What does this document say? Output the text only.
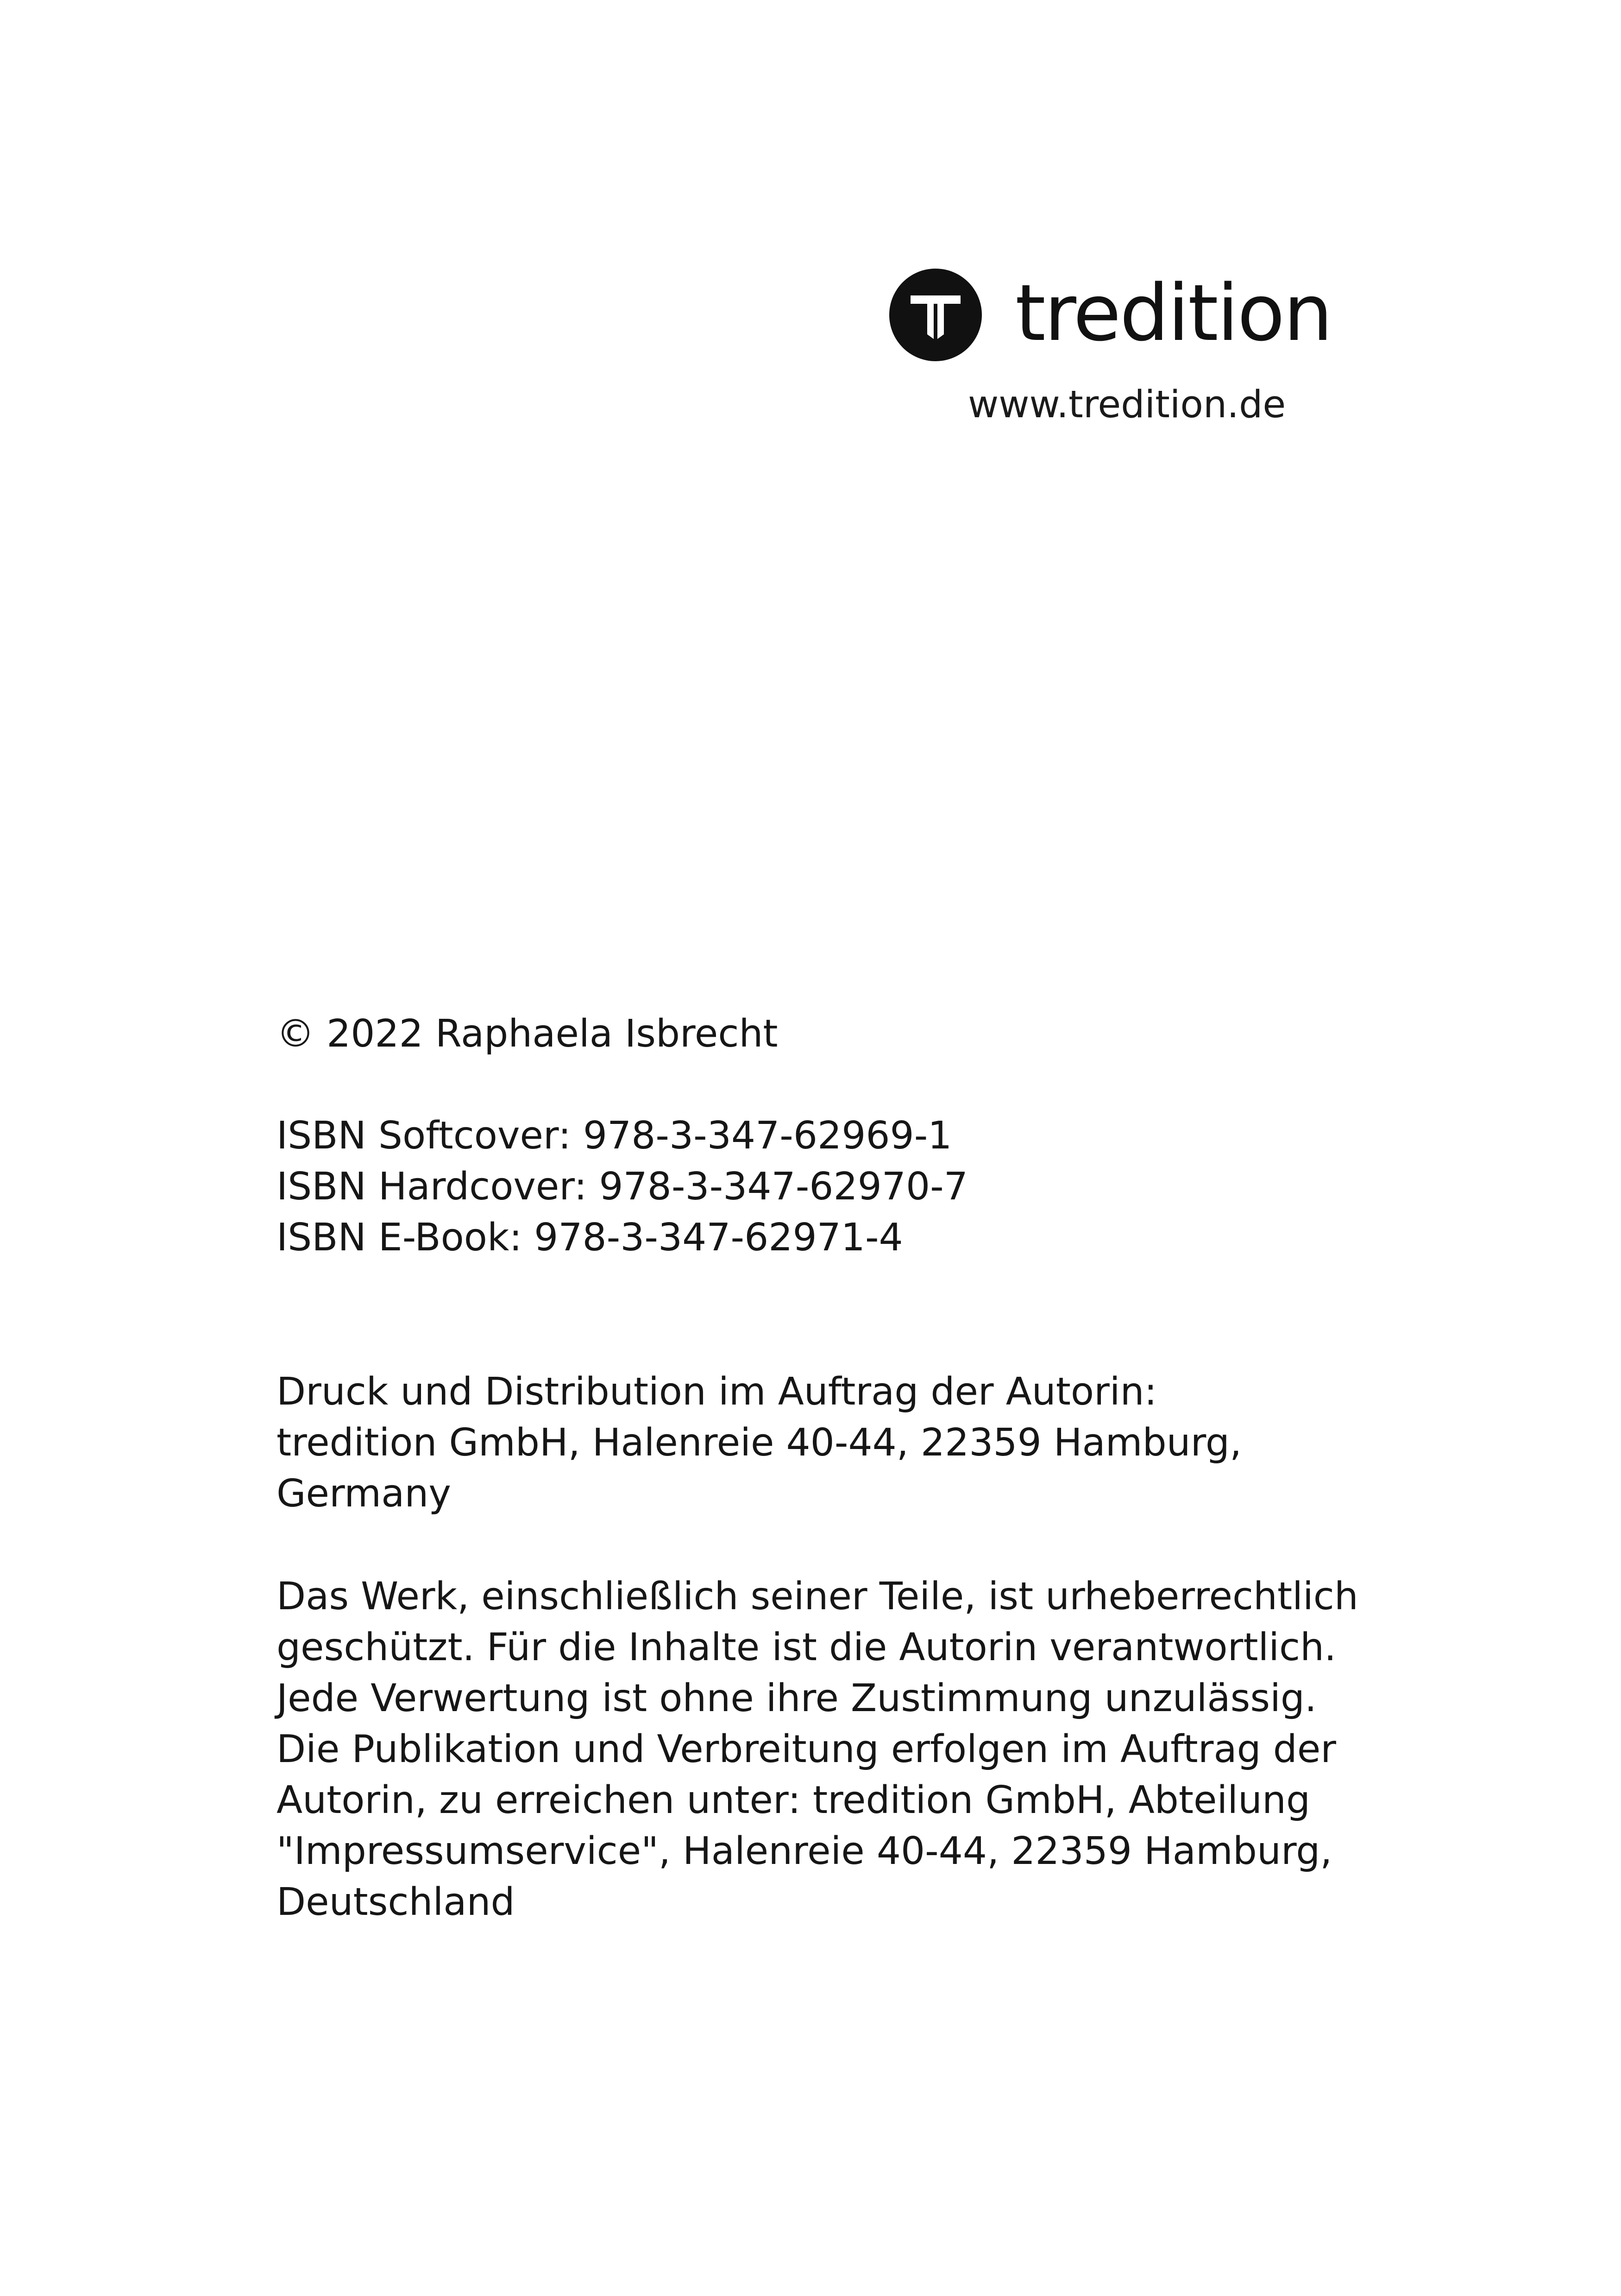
tredition
www.tredition.de

© 2022 Raphaela Isbrecht

ISBN Softcover: 978-3-347-62969-1

ISBN Hardcover: 978-3-347-62970-7

ISBN E-Book: 978-3-347-62971-4

Druck und Distribution im Auftrag der Autorin:

tredition GmbH, Halenreie 40-44, 22359 Hamburg,

Germany

Das Werk, einschließlich seiner Teile, ist urheberrechtlich

geschützt. Für die Inhalte ist die Autorin verantwortlich.

Jede Verwertung ist ohne ihre Zustimmung unzulässig.

Die Publikation und Verbreitung erfolgen im Auftrag der

Autorin, zu erreichen unter: tredition GmbH, Abteilung

"Impressumservice", Halenreie 40-44, 22359 Hamburg,

Deutschland
